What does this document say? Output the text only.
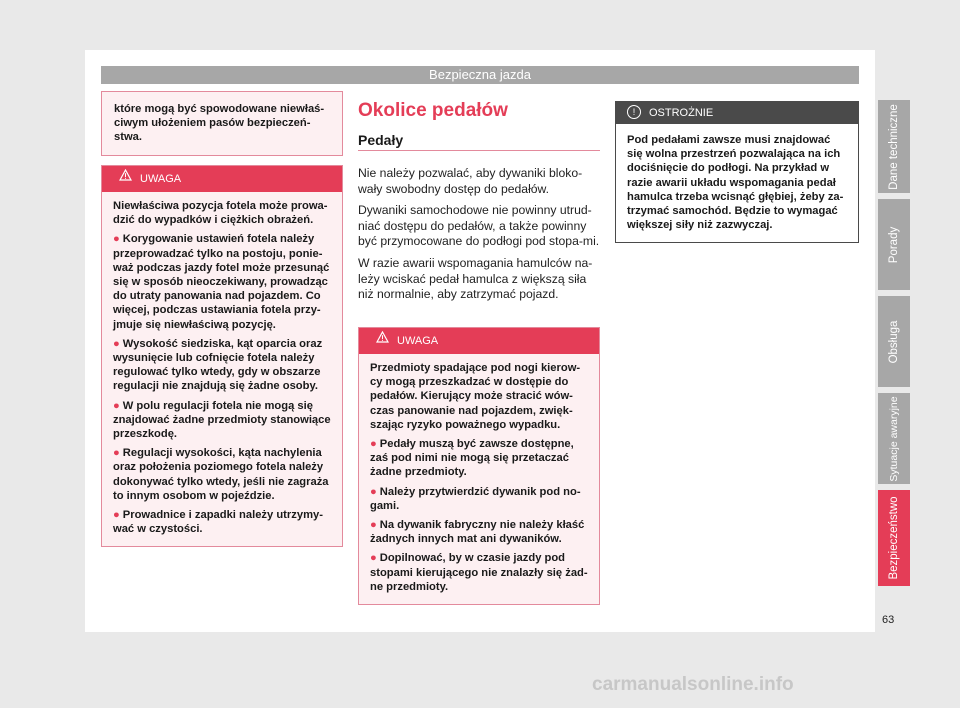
Bezpieczna jazda
które mogą być spowodowane niewłaś-ciwym ułożeniem pasów bezpieczeń-stwa.
UWAGA

Niewłaściwa pozycja fotela może prowa-dzić do wypadków i ciężkich obrażeń.

● Korygowanie ustawień fotela należy przeprowadzać tylko na postoju, ponie-waż podczas jazdy fotel może przesunąć się w sposób nieoczekiwany, prowadząc do utraty panowania nad pojazdem. Co więcej, podczas ustawiania fotela przy-jmuje się niewłaściwą pozycję.

● Wysokość siedziska, kąt oparcia oraz wysunięcie lub cofnięcie fotela należy regulować tylko wtedy, gdy w obszarze regulacji nie znajdują się żadne osoby.

● W polu regulacji fotela nie mogą się znajdować żadne przedmioty stanowiące przeszkodę.

● Regulacji wysokości, kąta nachylenia oraz położenia poziomego fotela należy dokonywać tylko wtedy, jeśli nie zagraża to innym osobom w pojeździe.

● Prowadnice i zapadki należy utrzymy-wać w czystości.

Okolice pedałów
Pedały

Nie należy pozwalać, aby dywaniki bloko-wały swobodny dostęp do pedałów.

Dywaniki samochodowe nie powinny utrud-niać dostępu do pedałów, a także powinny być przymocowane do podłogi pod stopa-mi.

W razie awarii wspomagania hamulców na-leży wciskać pedał hamulca z większą siła niż normalnie, aby zatrzymać pojazd.

UWAGA

Przedmioty spadające pod nogi kierow-cy mogą przeszkadzać w dostępie do pedałów. Kierujący może stracić wów-czas panowanie nad pojazdem, zwięk-szając ryzyko poważnego wypadku.

● Pedały muszą być zawsze dostępne, zaś pod nimi nie mogą się przetaczać żadne przedmioty.

● Należy przytwierdzić dywanik pod no-gami.

● Na dywanik fabryczny nie należy kłaść żadnych innych mat ani dywaników.

● Dopilnować, by w czasie jazdy pod stopami kierującego nie znalazły się żad-ne przedmioty.

! OSTROŻNIE
Pod pedałami zawsze musi znajdować się wolna przestrzeń pozwalająca na ich dociśnięcie do podłogi. Na przykład w razie awarii układu wspomagania pedał hamulca trzeba wcisnąć głębiej, żeby za-trzymać samochód. Będzie to wymagać większej siły niż zazwyczaj.
Dane techniczne
Porady
Obsługa
Sytuacje awaryjne
Bezpieczeństwo
63
carmanualsonline.info
